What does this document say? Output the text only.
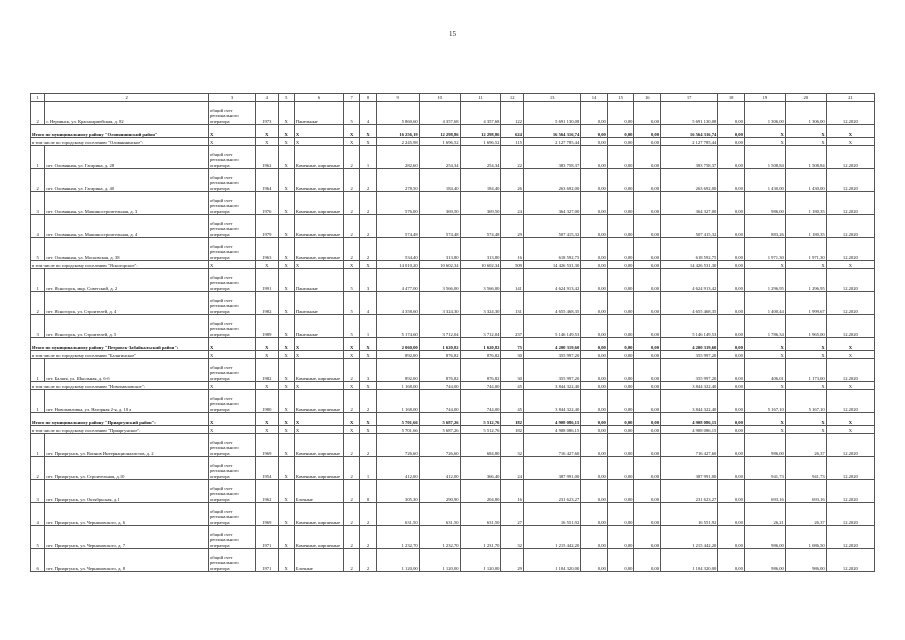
15
1	2	3	4	5	6	7	8	9	10	11	12	13	14	15	16	17	18	19	20	21
2	г. Нерчинск, ул. Красноармейская, д. 82	общий счет регионального оператора	1973	X	Панельные	5	4	5 860,60	4 357,68	4 357,68	122	5 691 130,08	0,00	0,00	0,00	5 691 130,08	0,00	1 306,00	1 306,00	12.2020
Итого по муниципальному району "Оловяннинский район"		X	X	X	X	X	X	16 256,19	12 298,86	12 298,86	624	16 564 316,74	0,00	0,00	0,00	16 564 316,74	0,00	X	X	X
в том числе по городскому поселению "Оловяннинское":		X	X	X	X	X	X	2 245,98	1 696,52	1 696,52	115	2 127 785,44	0,00	0,00	0,00	2 127 785,44	0,00	X	X	X
1	пгт. Оловянная, ул. Гагарина, д. 28	общий счет регионального оператора	1962	X	Каменные, кирпичные	2	1	282,60	254,34	254,34	22	383 758,37	0,00	0,00	0,00	383 758,37	0,00	1 508,84	1 508,84	12.2020
2	пгт. Оловянная, ул. Гагарина, д. 40	общий счет регионального оператора	1964	X	Каменные, кирпичные	2	2	278,50	184,40	184,40	26	263 692,00	0,00	0,00	0,00	263 692,00	0,00	1 430,00	1 430,00	12.2020
3	пгт. Оловянная, ул. Машиностроительная, д. 3	общий счет регионального оператора	1976	X	Каменные, кирпичные	2	2	576,00	369,50	369,50	24	364 327,00	0,00	0,00	0,00	364 327,00	0,00	986,00	1 180,35	12.2020
4	пгт. Оловянная, ул. Машиностроительная, д. 4	общий счет регионального оператора	1979	X	Каменные, кирпичные	2	2	574,48	574,48	574,48	29	507 415,32	0,00	0,00	0,00	507 415,32	0,00	883,26	1 180,35	12.2020
5	пгт. Оловянная, ул. Московская, д. 38	общий счет регионального оператора	1963	X	Каменные, кирпичные	2	2	534,40	313,80	313,80	16	618 592,75	0,00	0,00	0,00	618 592,75	0,00	1 971,30	1 971,30	12.2020
в том числе по городскому поселению "Ясногорское":		X	X	X	X	X	X	14 010,20	10 602,34	10 602,34	509	14 426 531,30	0,00	0,00	0,00	14 426 531,30	0,00	X	X	X
1	пгт. Ясногорск, мкр. Советский, д. 2	общий счет регионального оператора	1991	X	Панельные	5	3	4 477,00	3 566,00	3 566,00	141	4 624 913,42	0,00	0,00	0,00	4 624 913,42	0,00	1 296,95	1 296,95	12.2020
2	пгт. Ясногорск, ул. Строителей, д. 4	общий счет регионального оператора	1982	X	Панельные	5	4	4 358,60	3 324,30	3 324,30	131	4 655 468,35	0,00	0,00	0,00	4 655 468,35	0,00	1 400,44	1 999,67	12.2020
3	пгт. Ясногорск, ул. Строителей, д. 5	общий счет регионального оператора	1989	X	Панельные	5	1	5 174,60	3 712,04	3 712,04	237	5 146 149,53	0,00	0,00	0,00	5 146 149,53	0,00	1 786,34	1 965,00	12.2020
Итого по муниципальному району "Петровск-Забайкальский район":		X	X	X	X	X	X	2 060,00	1 620,82	1 620,82	75	4 200 319,60	0,00	0,00	0,00	4 200 319,60	0,00	X	X	X
в том числе по городскому поселению "Балягинское"		X	X	X	X	X	X	892,00	876,82	876,82	30	355 997,20	0,00	0,00	0,00	355 997,20	0,00	X	X	X
1	пгт. Балягя, ул. Школьная, д. 6-б	общий счет регионального оператора	1982	X	Каменные, кирпичные	2	3	892,00	876,82	876,82	30	355 997,20	0,00	0,00	0,00	355 997,20	0,00	406,01	1 173,00	12.2020
в том числе по городскому поселению "Новопавловское":		X	X	X	X	X	X	1 168,00	744,00	744,00	45	3 844 322,40	0,00	0,00	0,00	3 844 322,40	0,00	X	X	X
1	пгт. Новопавловка, ул. Нагорная 2-я, д. 10 а	общий счет регионального оператора	1980	X	Каменные, кирпичные	2	2	1 168,00	744,00	744,00	45	3 844 322,40	0,00	0,00	0,00	3 844 322,40	0,00	5 167,10	5 167,10	12.2020
Итого по муниципальному району "Приаргунский район":		X	X	X	X	X	X	5 701,66	5 687,26	5 512,76	182	4 908 086,15	0,00	0,00	0,00	4 908 086,15	0,00	X	X	X
в том числе по городскому поселению "Приаргунское":		X	X	X	X	X	X	5 701,66	5 687,26	5 512,76	182	4 908 086,15	0,00	0,00	0,00	4 908 086,15	0,00	X	X	X
1	пгт. Приаргунск, ул. Воинов Интернационалистов, д. 2	общий счет регионального оператора	1969	X	Каменные, кирпичные	2	2	726,60	726,60	684,80	32	716 427,60	0,00	0,00	0,00	716 427,60	0,00	986,00	26,37	12.2020
2	пгт. Приаргунск, ул. Строительная, д.10	общий счет регионального оператора	1954	X	Каменные, кирпичные	2	1	412,00	412,00	366,40	24	387 991,00	0,00	0,00	0,00	387 991,00	0,00	941,73	941,73	12.2020
3	пгт. Приаргунск, ул. Октябрьская, д.1	общий счет регионального оператора	1962	X	Блочные	2	8	305,30	290,90	204,80	16	231 623,27	0,00	0,00	0,00	231 623,27	0,00	693,16	693,16	12.2020
4	пгт. Приаргунск, ул. Черняховского, д. 6	общий счет регионального оператора	1969	X	Каменные, кирпичные	2	2	631,50	631,50	631,50	27	16 551,92	0,00	0,00	0,00	16 551,92	0,00	26,21	26,37	12.2020
5	пгт. Приаргунск, ул. Черняховского, д. 7	общий счет регионального оператора	1971	X	Каменные, кирпичные	2	2	1 232,70	1 232,70	1 231,70	32	1 215 442,20	0,00	0,00	0,00	1 215 442,20	0,00	986,00	1 086,50	12.2020
6	пгт. Приаргунск, ул. Черняховского, д. 8	общий счет регионального оператора	1971	X	Блочные	2	2	1 120,00	1 120,00	1 120,00	29	1 104 320,00	0,00	0,00	0,00	1 104 320,00	0,00	986,00	986,00	12.2020
